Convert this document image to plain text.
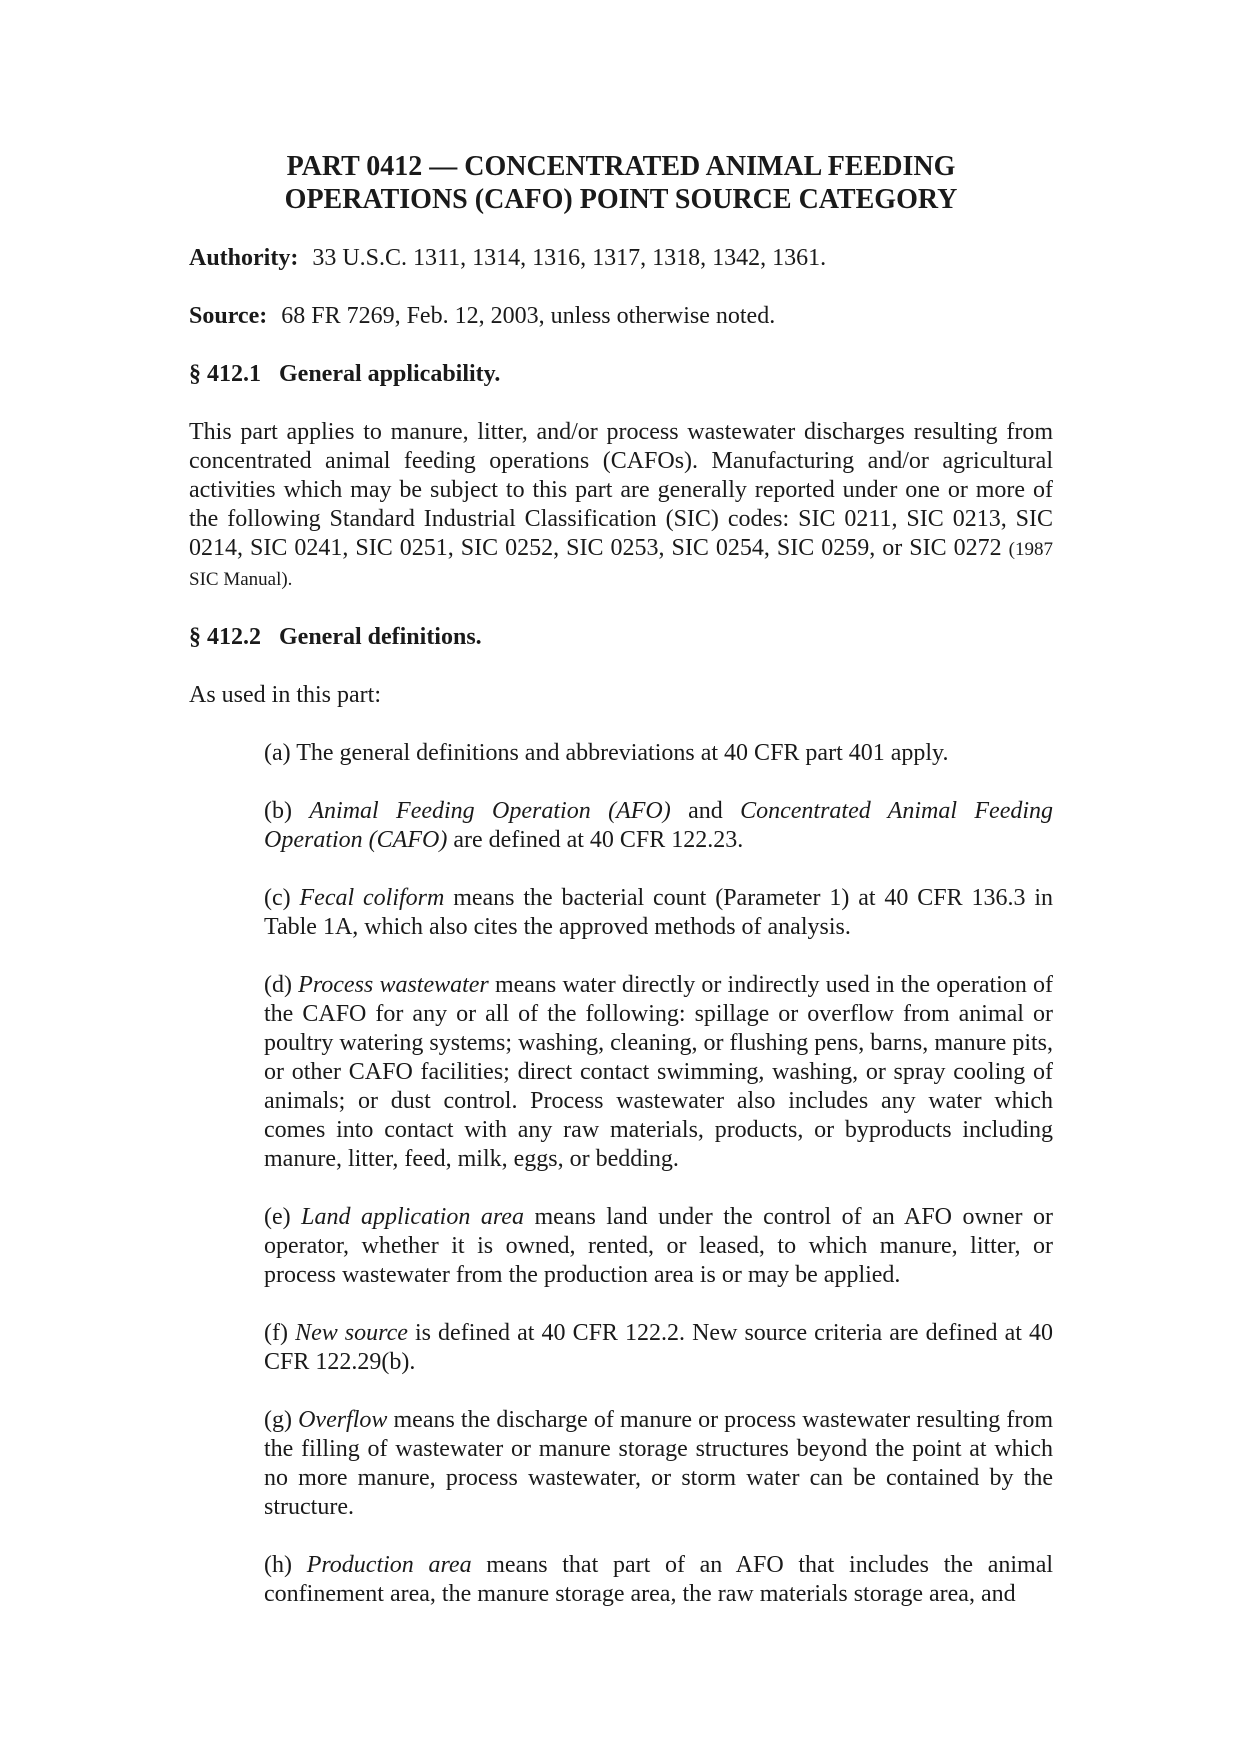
PART 0412 — CONCENTRATED ANIMAL FEEDING
OPERATIONS (CAFO) POINT SOURCE CATEGORY

Authority: 33 U.S.C. 1311, 1314, 1316, 1317, 1318, 1342, 1361.

Source: 68 FR 7269, Feb. 12, 2003, unless otherwise noted.

§ 412.1 General applicability.

This part applies to manure, litter, and/or process wastewater discharges resulting from concentrated animal feeding operations (CAFOs). Manufacturing and/or agricultural activities which may be subject to this part are generally reported under one or more of the following Standard Industrial Classification (SIC) codes: SIC 0211, SIC 0213, SIC 0214, SIC 0241, SIC 0251, SIC 0252, SIC 0253, SIC 0254, SIC 0259, or SIC 0272 (1987 SIC Manual).

§ 412.2 General definitions.

As used in this part:

(a) The general definitions and abbreviations at 40 CFR part 401 apply.

(b) Animal Feeding Operation (AFO) and Concentrated Animal Feeding Operation (CAFO) are defined at 40 CFR 122.23.

(c) Fecal coliform means the bacterial count (Parameter 1) at 40 CFR 136.3 in Table 1A, which also cites the approved methods of analysis.

(d) Process wastewater means water directly or indirectly used in the operation of the CAFO for any or all of the following: spillage or overflow from animal or poultry watering systems; washing, cleaning, or flushing pens, barns, manure pits, or other CAFO facilities; direct contact swimming, washing, or spray cooling of animals; or dust control. Process wastewater also includes any water which comes into contact with any raw materials, products, or byproducts including manure, litter, feed, milk, eggs, or bedding.

(e) Land application area means land under the control of an AFO owner or operator, whether it is owned, rented, or leased, to which manure, litter, or process wastewater from the production area is or may be applied.

(f) New source is defined at 40 CFR 122.2. New source criteria are defined at 40 CFR 122.29(b).

(g) Overflow means the discharge of manure or process wastewater resulting from the filling of wastewater or manure storage structures beyond the point at which no more manure, process wastewater, or storm water can be contained by the structure.

(h) Production area means that part of an AFO that includes the animal confinement area, the manure storage area, the raw materials storage area, and
